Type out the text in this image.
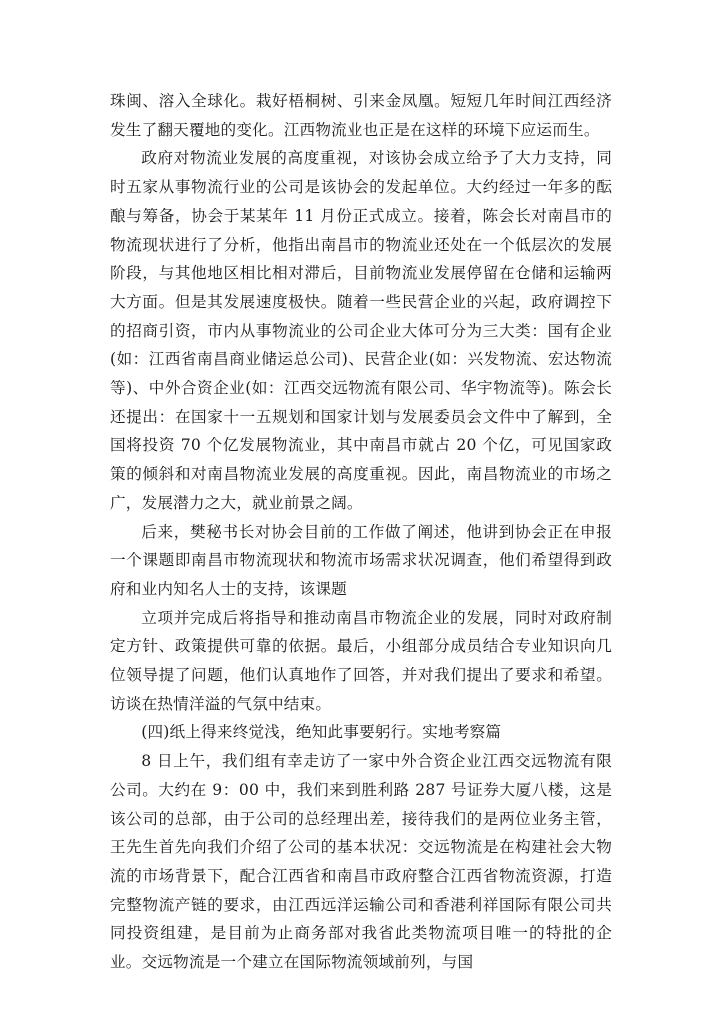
珠闽、溶入全球化。栽好梧桐树、引来金凤凰。短短几年时间江西经济发生了翻天覆地的变化。江西物流业也正是在这样的环境下应运而生。

政府对物流业发展的高度重视，对该协会成立给予了大力支持，同时五家从事物流行业的公司是该协会的发起单位。大约经过一年多的酝酿与筹备，协会于某某年 11 月份正式成立。接着，陈会长对南昌市的物流现状进行了分析，他指出南昌市的物流业还处在一个低层次的发展阶段，与其他地区相比相对滞后，目前物流业发展停留在仓储和运输两大方面。但是其发展速度极快。随着一些民营企业的兴起，政府调控下的招商引资，市内从事物流业的公司企业大体可分为三大类：国有企业(如：江西省南昌商业储运总公司)、民营企业(如：兴发物流、宏达物流等)、中外合资企业(如：江西交远物流有限公司、华宇物流等)。陈会长还提出：在国家十一五规划和国家计划与发展委员会文件中了解到，全国将投资 70 个亿发展物流业，其中南昌市就占 20 个亿，可见国家政策的倾斜和对南昌物流业发展的高度重视。因此，南昌物流业的市场之广，发展潜力之大，就业前景之阔。

后来，樊秘书长对协会目前的工作做了阐述，他讲到协会正在申报一个课题即南昌市物流现状和物流市场需求状况调查，他们希望得到政府和业内知名人士的支持，该课题

立项并完成后将指导和推动南昌市物流企业的发展，同时对政府制定方针、政策提供可靠的依据。最后，小组部分成员结合专业知识向几位领导提了问题，他们认真地作了回答，并对我们提出了要求和希望。访谈在热情洋溢的气氛中结束。

(四)纸上得来终觉浅，绝知此事要躬行。实地考察篇

8 日上午，我们组有幸走访了一家中外合资企业江西交远物流有限公司。大约在 9：00 中，我们来到胜利路 287 号证券大厦八楼，这是该公司的总部，由于公司的总经理出差，接待我们的是两位业务主管，王先生首先向我们介绍了公司的基本状况：交远物流是在构建社会大物流的市场背景下，配合江西省和南昌市政府整合江西省物流资源，打造完整物流产链的要求，由江西远洋运输公司和香港利祥国际有限公司共同投资组建，是目前为止商务部对我省此类物流项目唯一的特批的企业。交远物流是一个建立在国际物流领域前列，与国
